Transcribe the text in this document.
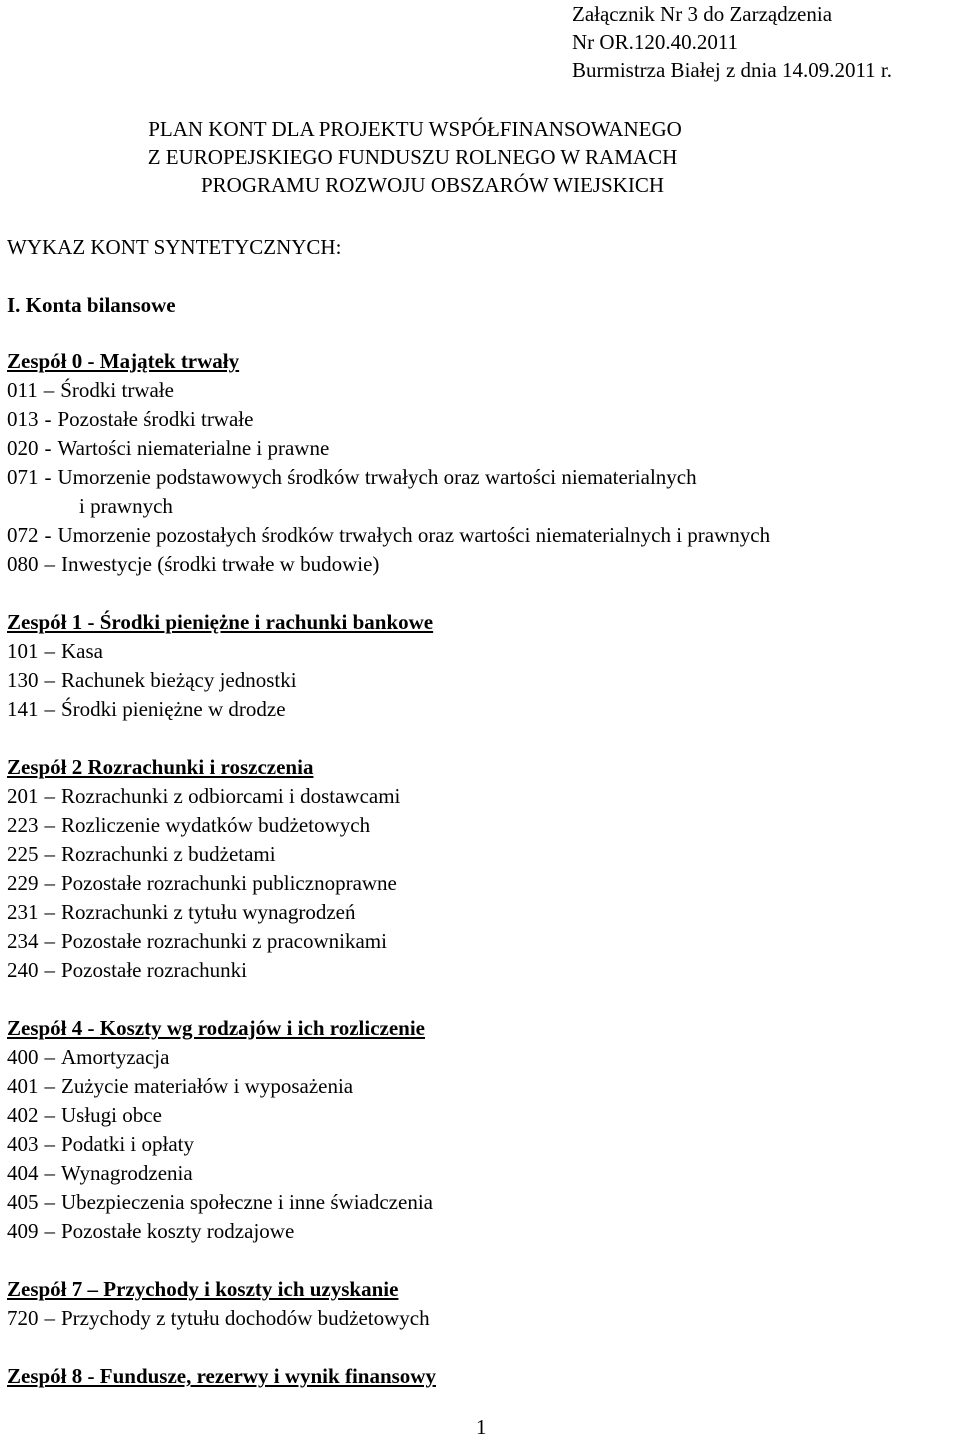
Załącznik Nr 3 do Zarządzenia
Nr OR.120.40.2011
Burmistrza Białej z dnia 14.09.2011 r.
PLAN KONT DLA PROJEKTU WSPÓŁFINANSOWANEGO
Z EUROPEJSKIEGO FUNDUSZU ROLNEGO W RAMACH
PROGRAMU ROZWOJU OBSZARÓW WIEJSKICH
WYKAZ KONT SYNTETYCZNYCH:
I. Konta bilansowe
Zespół 0 - Majątek trwały
011 – Środki trwałe
013 - Pozostałe środki trwałe
020 - Wartości niematerialne i prawne
071 - Umorzenie podstawowych środków trwałych oraz wartości niematerialnych
i prawnych
072 - Umorzenie pozostałych środków trwałych oraz wartości niematerialnych i prawnych
080 – Inwestycje (środki trwałe w budowie)
Zespół 1 - Środki pieniężne i rachunki bankowe
101 – Kasa
130 – Rachunek bieżący jednostki
141 – Środki pieniężne w drodze
Zespół 2 Rozrachunki i roszczenia
201 – Rozrachunki z odbiorcami i dostawcami
223 – Rozliczenie wydatków budżetowych
225 – Rozrachunki z budżetami
229 – Pozostałe rozrachunki publicznoprawne
231 – Rozrachunki z tytułu wynagrodzeń
234 – Pozostałe rozrachunki z pracownikami
240 – Pozostałe rozrachunki
Zespół 4 - Koszty wg rodzajów i ich rozliczenie
400 – Amortyzacja
401 – Zużycie materiałów i wyposażenia
402 – Usługi obce
403 – Podatki i opłaty
404 – Wynagrodzenia
405 – Ubezpieczenia społeczne i inne świadczenia
409 – Pozostałe koszty rodzajowe
Zespół 7 – Przychody i koszty ich uzyskanie
720 – Przychody z tytułu dochodów budżetowych
Zespół 8 - Fundusze, rezerwy i wynik finansowy
1
